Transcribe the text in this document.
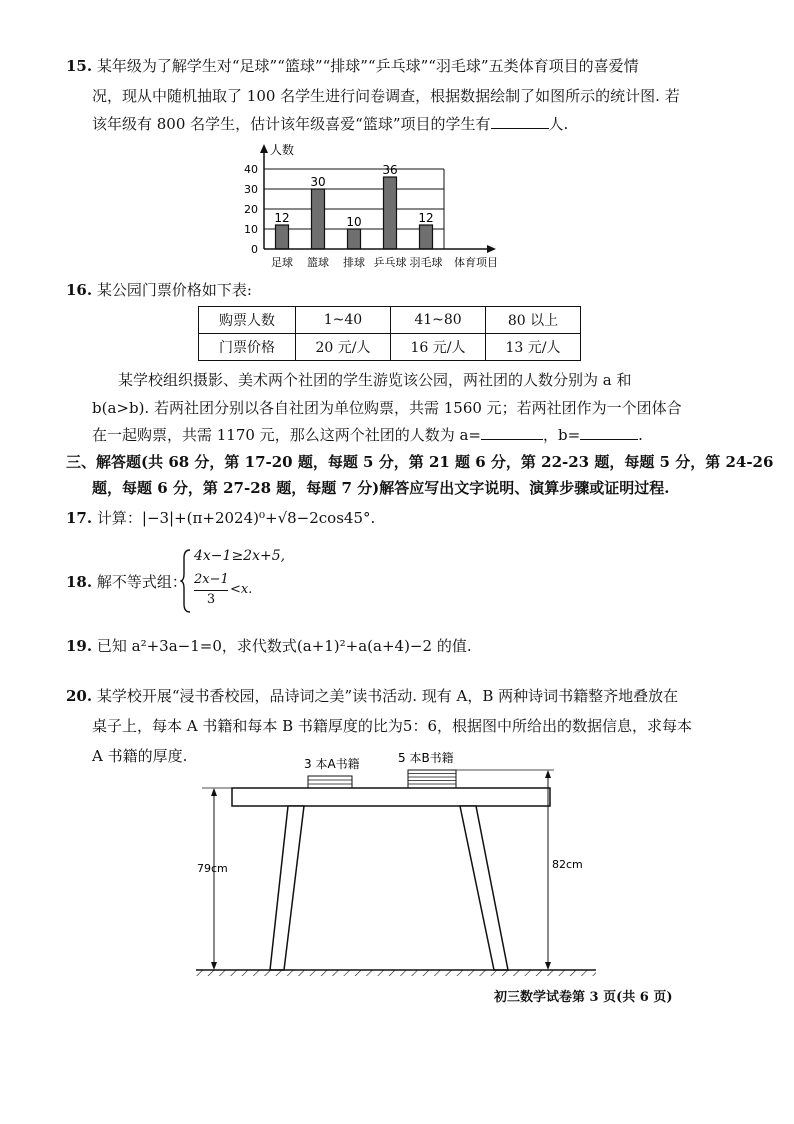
15. 某年级为了解学生对“足球”“篮球”“排球”“乒乓球”“羽毛球”五类体育项目的喜爱情
况，现从中随机抽取了 100 名学生进行问卷调查，根据数据绘制了如图所示的统计图. 若
该年级有 800 名学生，估计该年级喜爱“篮球”项目的学生有	人.
0
10
20
30
40
12
30
10
36
12
足球 篮球 排球 乒乓球 羽毛球
人数
体育项目
16. 某公园门票价格如下表:
购票人数	1~40	41~80	80 以上
门票价格	20 元/人	16 元/人	13 元/人
某学校组织摄影、美术两个社团的学生游览该公园，两社团的人数分别为 a 和
b(a>b). 若两社团分别以各自社团为单位购票，共需 1560 元；若两社团作为一个团体合
在一起购票，共需 1170 元，那么这两个社团的人数为 a=	，b=	.
三、解答题(共 68 分，第 17-20 题，每题 5 分，第 21 题 6 分，第 22-23 题，每题 5 分，第 24-26
题，每题 6 分，第 27-28 题，每题 7 分)解答应写出文字说明、演算步骤或证明过程.
17. 计算：|−3|+(π+2024)⁰+√8−2cos45°.
18. 解不等式组：
4x−1≥2x+5,
2x−1
3
<x.
19. 已知 a²+3a−1=0，求代数式(a+1)²+a(a+4)−2 的值.
20. 某学校开展“浸书香校园，品诗词之美”读书活动. 现有 A，B 两种诗词书籍整齐地叠放在
桌子上，每本 A 书籍和每本 B 书籍厚度的比为5：6，根据图中所给出的数据信息，求每本
A 书籍的厚度.	3 本A书籍	5 本B书籍
79cm	82cm
初三数学试卷第 3 页(共 6 页)
